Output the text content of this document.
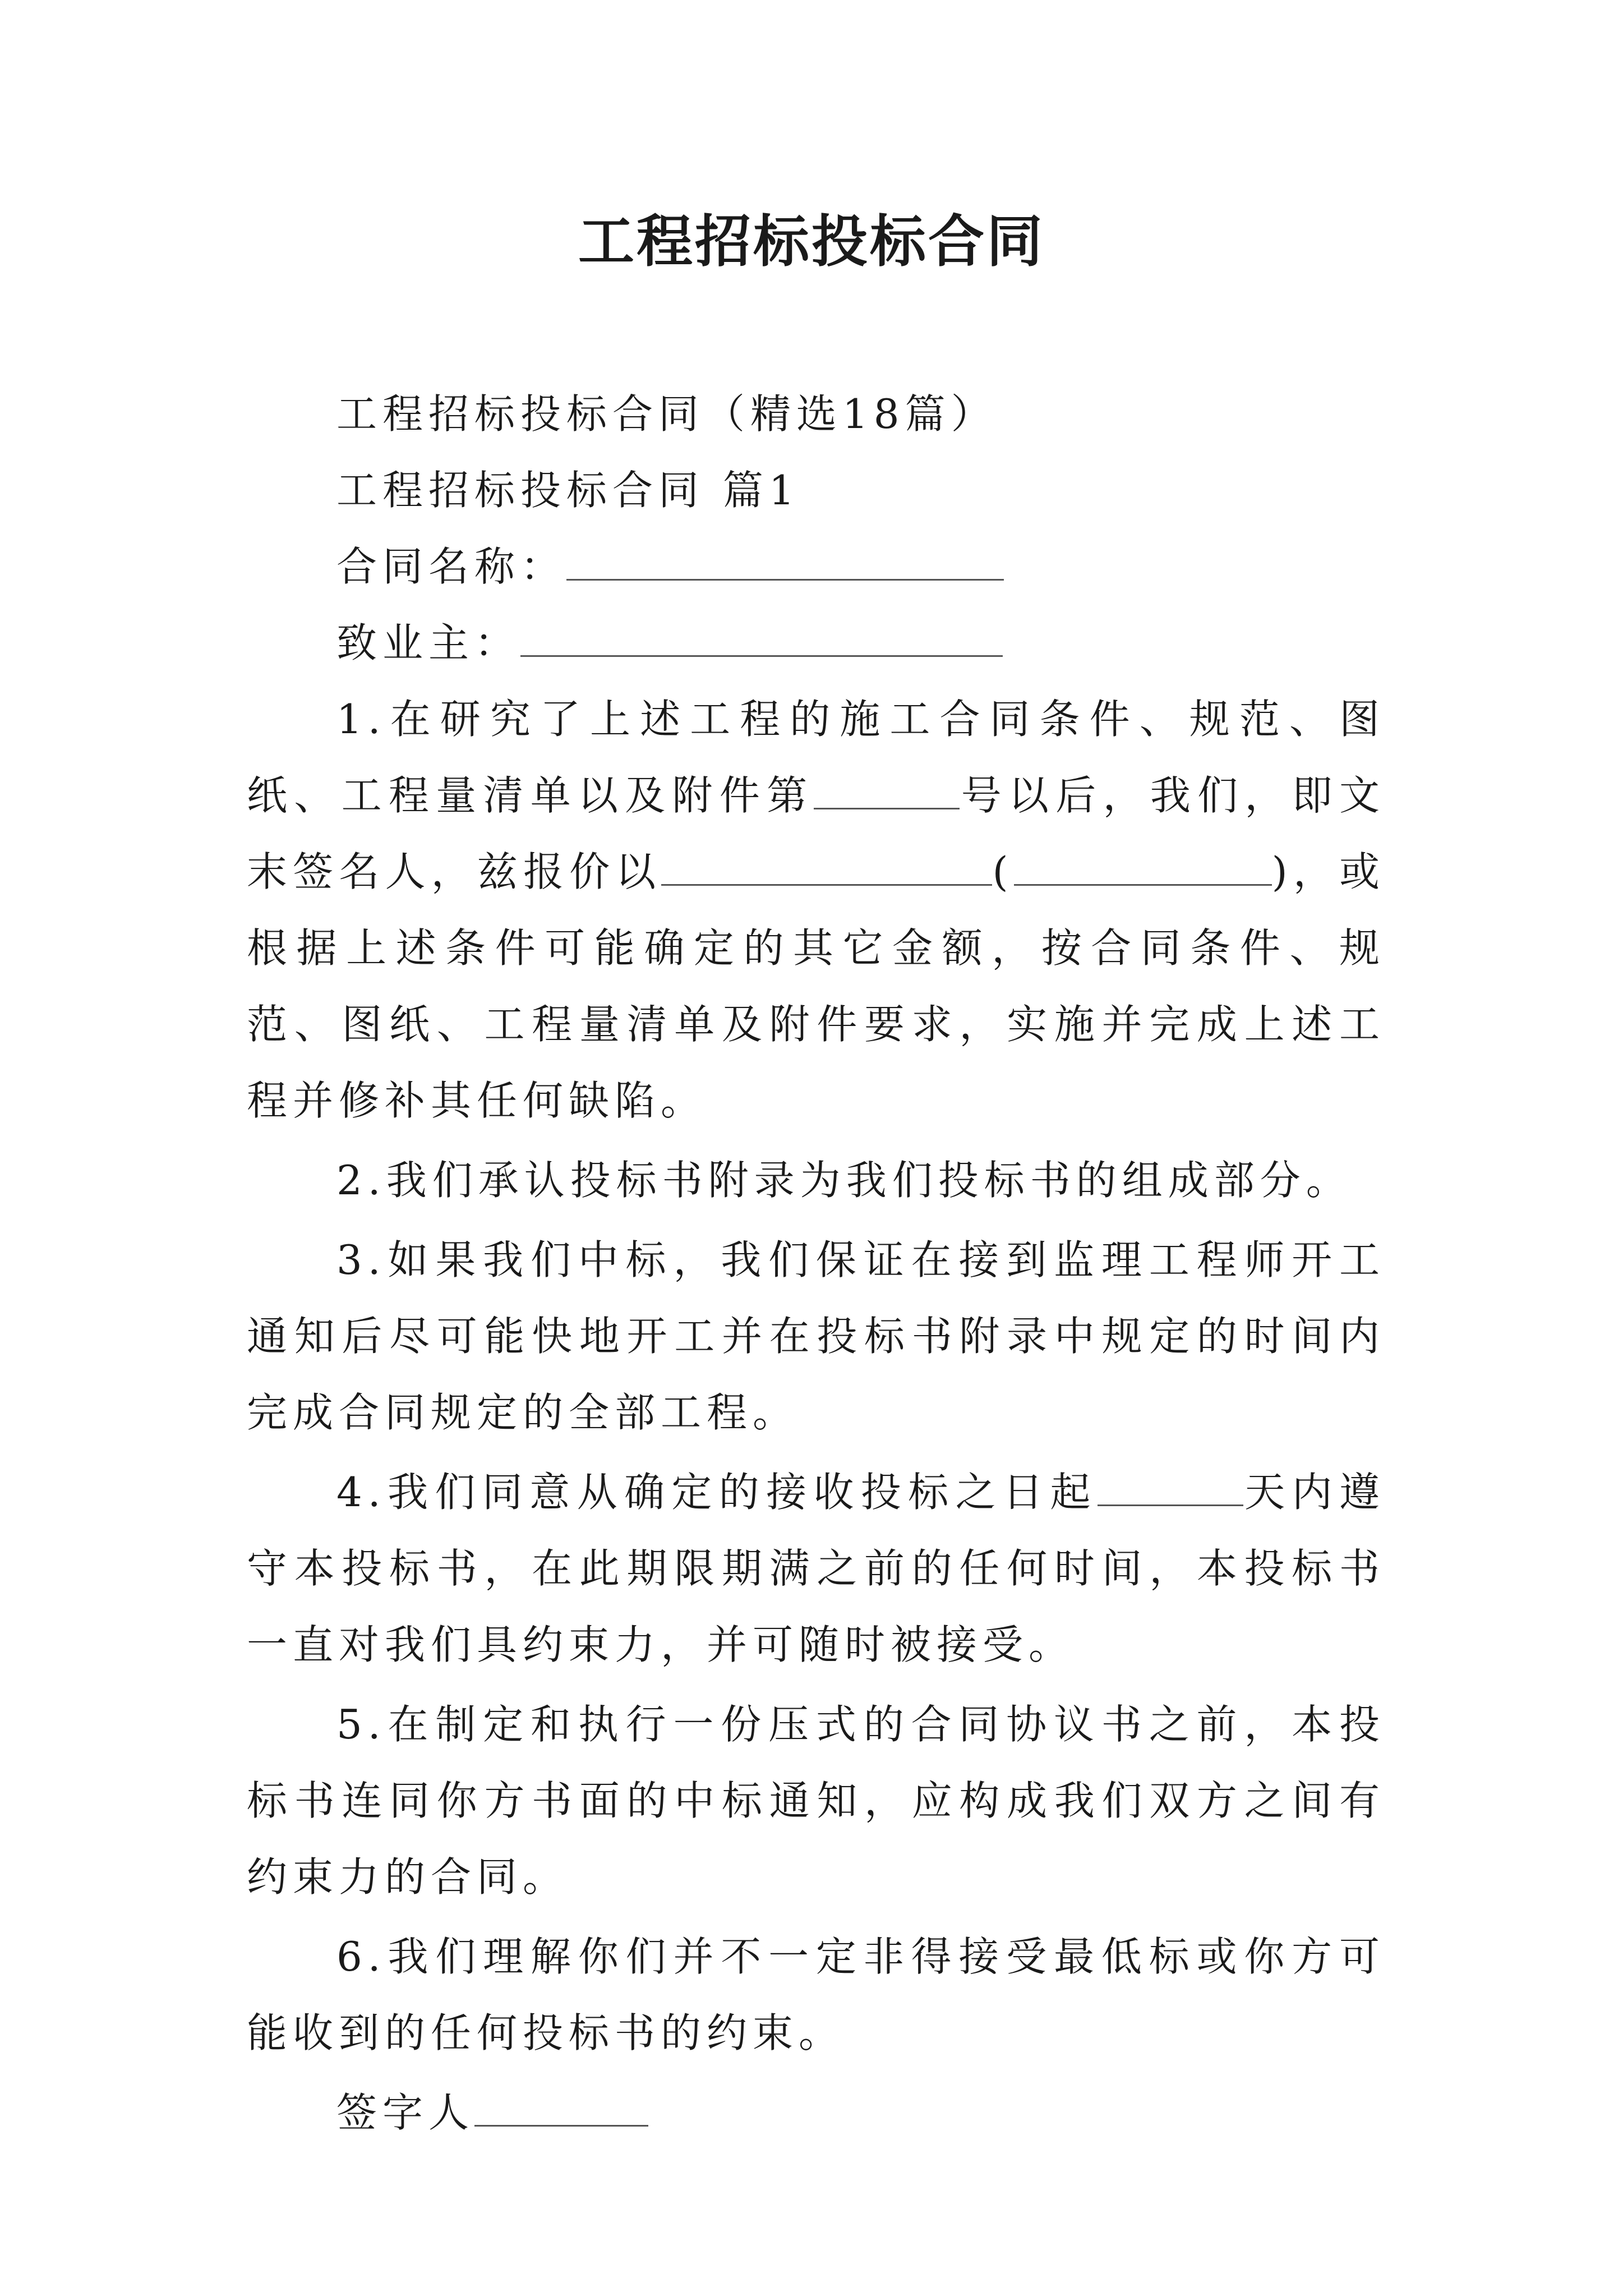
工程招标投标合同

工程招标投标合同（精选18篇）

工程招标投标合同 篇1

合同名称：

致业主：

1.在研究了上述工程的施工合同条件、规范、图纸、工程量清单以及附件第	号以后，我们，即文末签名人，兹报价以	(	)，或根据上述条件可能确定的其它金额，按合同条件、规范、图纸、工程量清单及附件要求，实施并完成上述工程并修补其任何缺陷。

2.我们承认投标书附录为我们投标书的组成部分。

3.如果我们中标，我们保证在接到监理工程师开工通知后尽可能快地开工并在投标书附录中规定的时间内完成合同规定的全部工程。

4.我们同意从确定的接收投标之日起	天内遵守本投标书，在此期限期满之前的任何时间，本投标书一直对我们具约束力，并可随时被接受。

5.在制定和执行一份压式的合同协议书之前，本投标书连同你方书面的中标通知，应构成我们双方之间有约束力的合同。

6.我们理解你们并不一定非得接受最低标或你方可能收到的任何投标书的约束。

签字人
